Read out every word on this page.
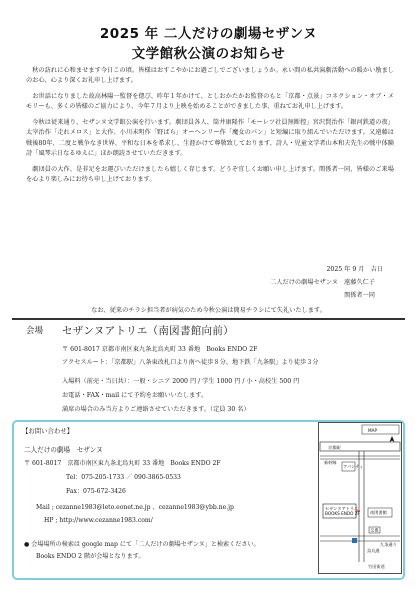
2025 年 二人だけの劇場セザンヌ
文学館秋公演のお知らせ

秋の訪れに心和ませます今日この頃。皆様はおすこやかにお過ごしでございましょうか。永い間の私共演劇活動への暖かい励ましのお心、心より深くお礼申し上げます。

お世話になりました故高林陽一監督を偲び、昨年１年かけて、としおかたかお監督のもと「京都・点景」コネクション・オブ・メモリーも、多くの皆様のご協力により、今年７月より上映を始めることができました事、重ねてお礼申し上げます。

今秋は従来通り、セザンヌ文学館公演を行います。劇団員各人、筒井康隆作「モーレツ社員無断控」宮沢賢治作「銀河鉄道の夜」太宰治作「走れメロス」と大作、小川未明作「野ばら」オーヘンリー作「魔女のパン」と短編に取り組んでいただけます。又遠藤は戦後80年、二度と戦争なき世界、平和な日本を希求し、生涯かけて尊敬致しております、詩人・児童文学者山本和夫先生の戦中体験詩「風琴示日なるゆえに」ほか朗読させていただきます。

劇団員の大作、是非足をお運びいただけましたら嬉しく存じます。どうぞ宜しくお願い申し上げます。関係者一同、皆様のご来場を心より楽しみにお待ち申し上げております。

2025 年 9 月　吉日
二人だけの劇場セザンヌ　遠藤久仁子
関係者一同
なお、従来のチラシ担当者が病気のため今秋公演は簡易チラシにて失礼いたします。
会場 セザンヌアトリエ（南図書館向前）
〒 601-8017 京都市南区東九条北烏丸町 33 番地　Books ENDO 2F
アクセスルート：「京都駅」八条東改札口より南へ徒歩８分、地下鉄「九条駅」より徒歩３分
入場料（前売・当日共）：一般・シニア 2000 円 / 学生 1000 円 / 小・高校生 500 円
お電話・FAX・mail にて予約をお願いいたします。
満席の場合のみ当方よりご連絡させていただきます。（定員 30 名）
【お問い合わせ】
二人だけの劇場　セザンヌ
〒 601-8017　京都市南区東九条北烏丸町 33 番地　Books ENDO 2F
Tel：075-205-1733 ／ 090-3865-0533
Fax：075-672-3426
Mail ; cezanne1983@leto.eonet.ne.jp 、cezanne1983@ybb.ne.jp
HP ; http://www.cezanne1983.com/
● 会場場所の検索は google map にて「二人だけの劇場セザンヌ」と検索ください。
Books ENDO 2 階が会場となります。
MAP
京都駅
新幹線
アバンティ
烏丸通
セザンヌアトリエ
BOOKS ENDO 2F 南図書館
交番
九条通り
竹田街道
